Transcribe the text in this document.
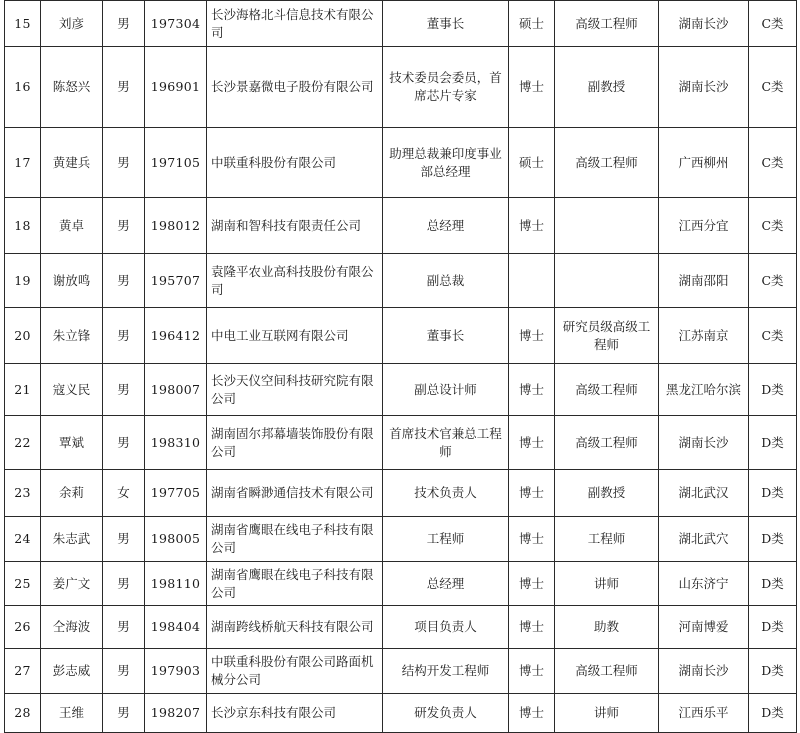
15	刘彦	男	197304	长沙海格北斗信息技术有限公司	董事长	硕士	高级工程师	湖南长沙	C类
16	陈怒兴	男	196901	长沙景嘉微电子股份有限公司	技术委员会委员，首席芯片专家	博士	副教授	湖南长沙	C类
17	黄建兵	男	197105	中联重科股份有限公司	助理总裁兼印度事业部总经理	硕士	高级工程师	广西柳州	C类
18	黄卓	男	198012	湖南和智科技有限责任公司	总经理	博士		江西分宜	C类
19	谢放鸣	男	195707	袁隆平农业高科技股份有限公司	副总裁			湖南邵阳	C类
20	朱立锋	男	196412	中电工业互联网有限公司	董事长	博士	研究员级高级工程师	江苏南京	C类
21	寇义民	男	198007	长沙天仪空间科技研究院有限公司	副总设计师	博士	高级工程师	黑龙江哈尔滨	D类
22	覃斌	男	198310	湖南固尔邦幕墙装饰股份有限公司	首席技术官兼总工程师	博士	高级工程师	湖南长沙	D类
23	余莉	女	197705	湖南省瞬渺通信技术有限公司	技术负责人	博士	副教授	湖北武汉	D类
24	朱志武	男	198005	湖南省鹰眼在线电子科技有限公司	工程师	博士	工程师	湖北武穴	D类
25	姜广文	男	198110	湖南省鹰眼在线电子科技有限公司	总经理	博士	讲师	山东济宁	D类
26	仝海波	男	198404	湖南跨线桥航天科技有限公司	项目负责人	博士	助教	河南博爱	D类
27	彭志威	男	197903	中联重科股份有限公司路面机械分公司	结构开发工程师	博士	高级工程师	湖南长沙	D类
28	王维	男	198207	长沙京东科技有限公司	研发负责人	博士	讲师	江西乐平	D类
